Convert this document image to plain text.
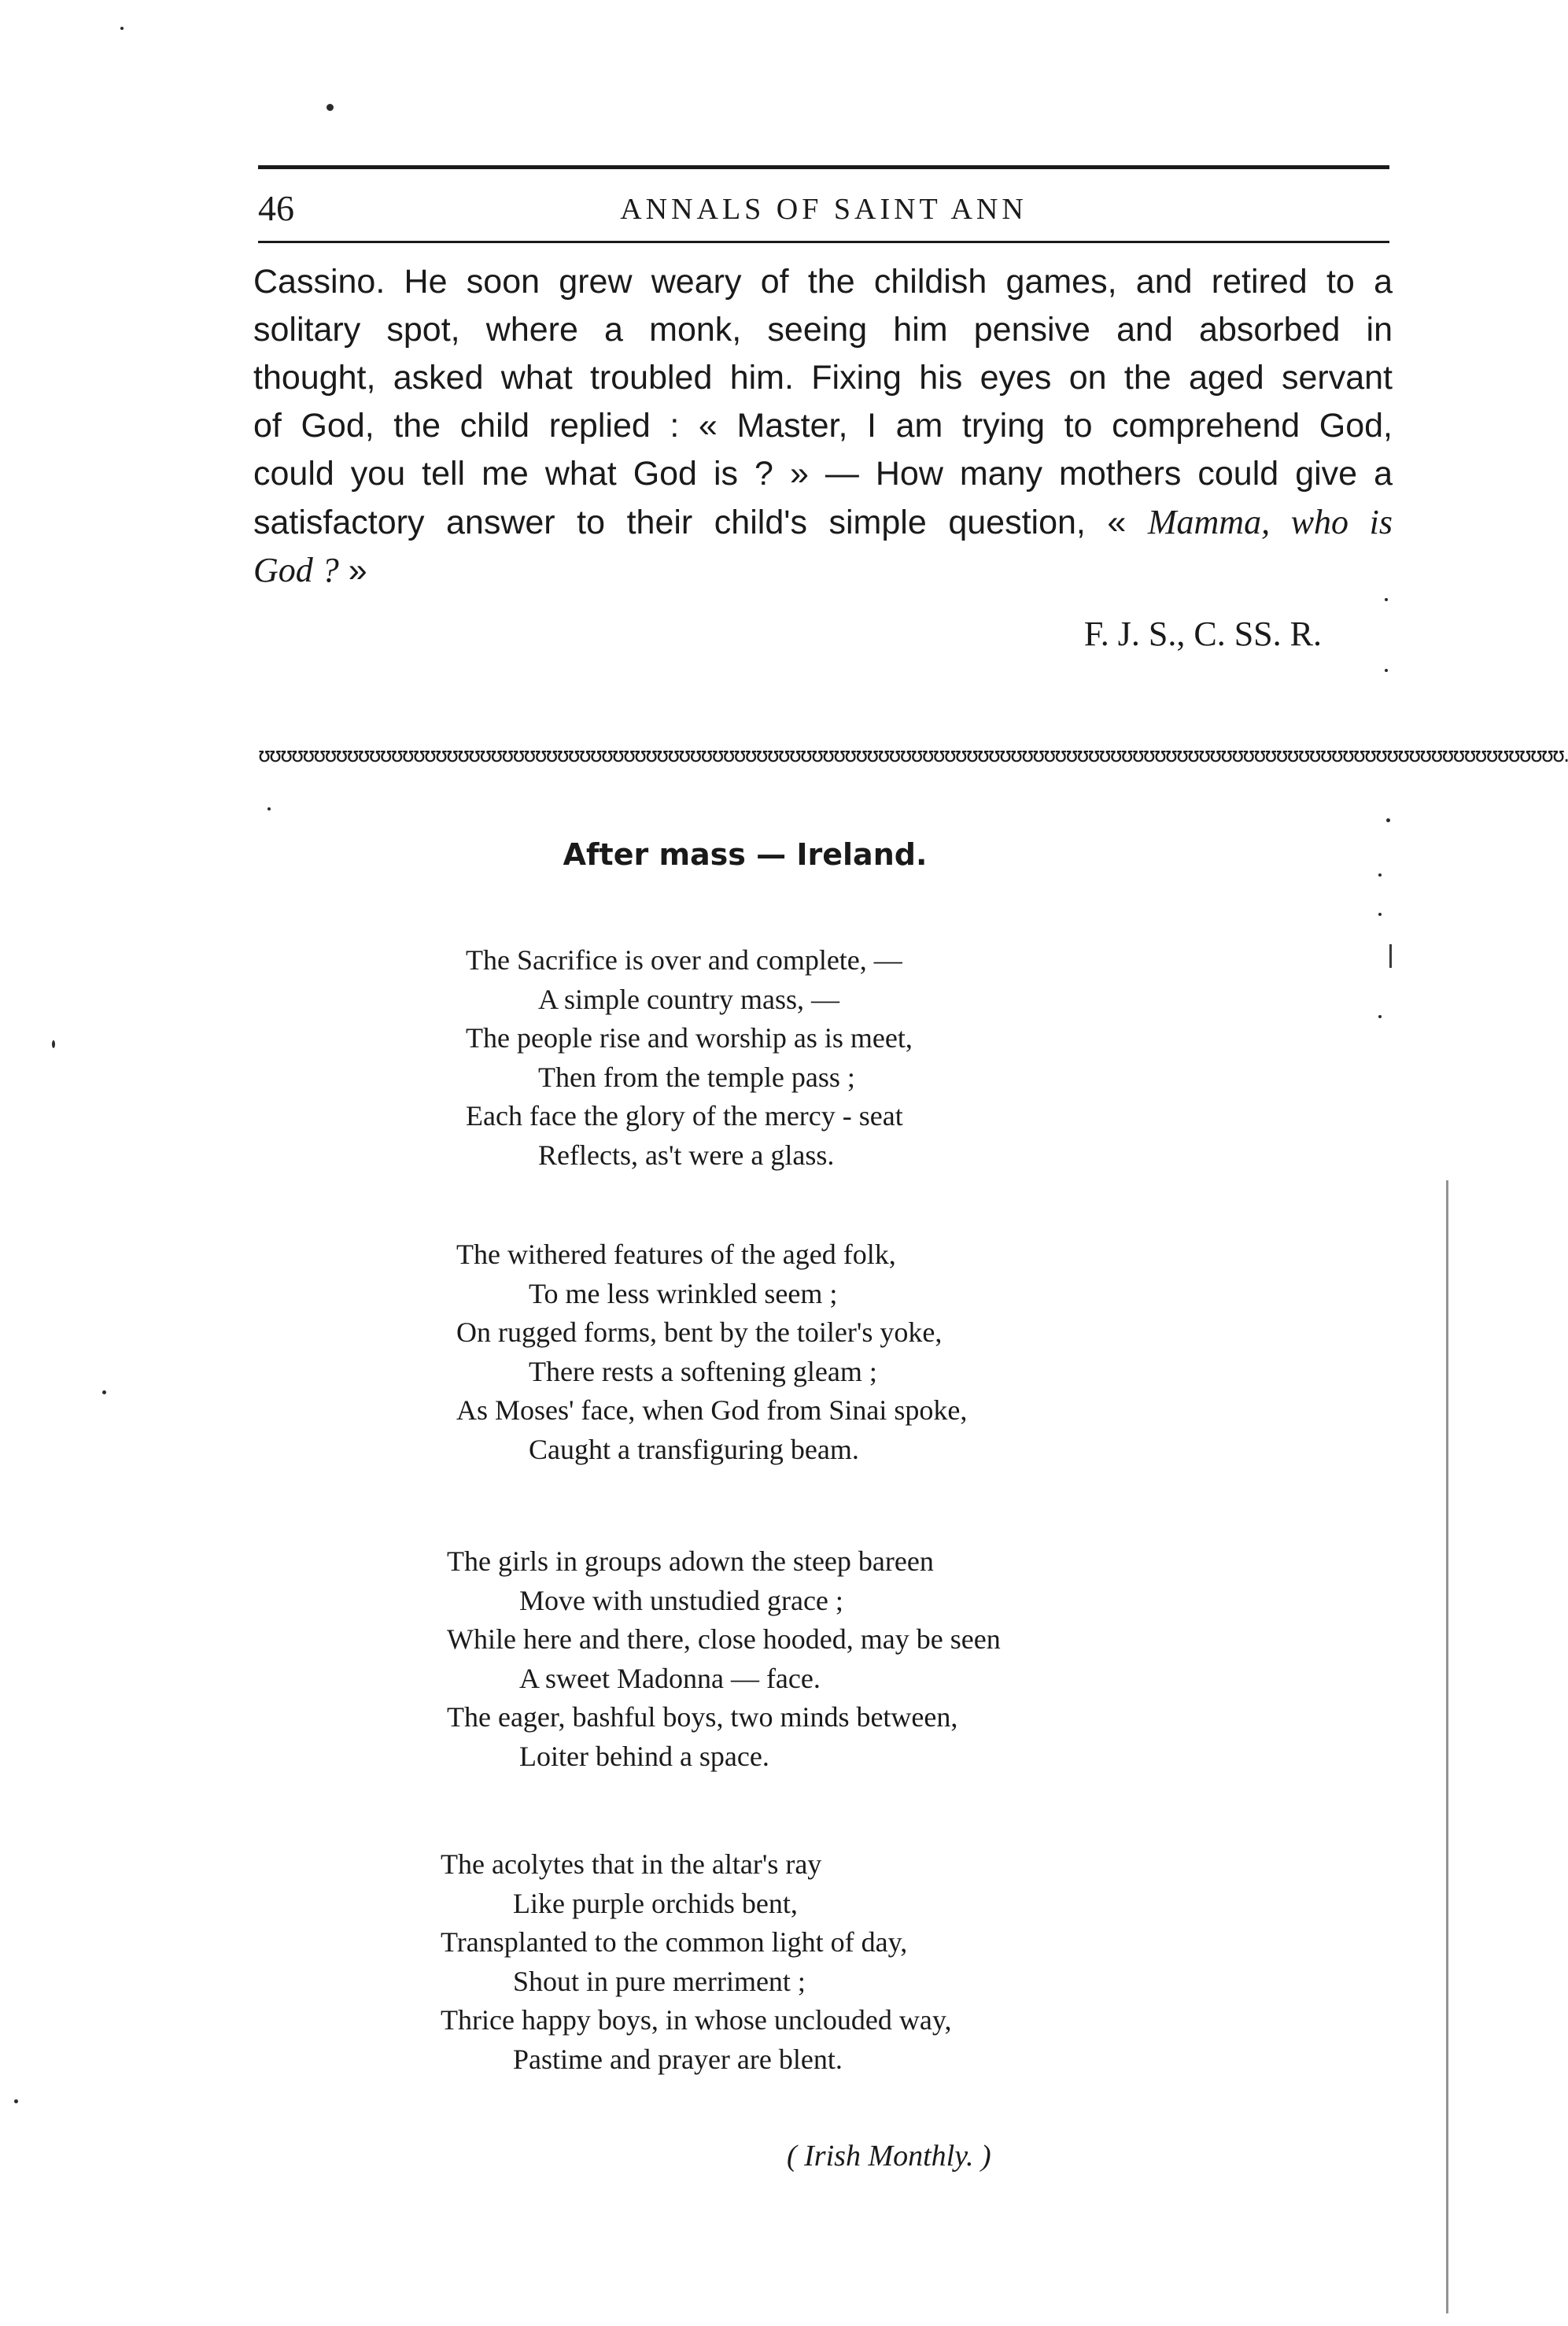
46	ANNALS OF SAINT ANN
Cassino. He soon grew weary of the childish games, and retired to a
solitary spot, where a monk, seeing him pensive and absorbed in
thought, asked what troubled him. Fixing his eyes on the aged servant
of God, the child replied : « Master, I am trying to comprehend God,
could you tell me what God is ? » — How many mothers could give a
satisfactory answer to their child's simple question, « Mamma, who is
God ? »
F. J. S., C. SS. R.
ʊʊʊʊʊʊʊʊʊʊʊʊʊʊʊʊʊʊʊʊʊʊʊʊʊʊʊʊʊʊʊʊʊʊʊʊʊʊʊʊʊʊʊʊʊʊʊʊʊʊʊʊʊʊʊʊʊʊʊʊʊʊʊʊʊʊʊʊʊʊʊʊʊʊʊʊʊʊʊʊʊʊʊʊʊʊʊʊʊʊʊʊʊʊʊʊʊʊʊʊʊʊʊʊʊʊʊʊʊʊʊʊʊʊʊʊʊʊ.
After mass — Ireland.
The Sacrifice is over and complete, —
A simple country mass, —
The people rise and worship as is meet,
Then from the temple pass ;
Each face the glory of the mercy - seat
Reflects, as't were a glass.
The withered features of the aged folk,
To me less wrinkled seem ;
On rugged forms, bent by the toiler's yoke,
There rests a softening gleam ;
As Moses' face, when God from Sinai spoke,
Caught a transfiguring beam.
The girls in groups adown the steep bareen
Move with unstudied grace ;
While here and there, close hooded, may be seen
A sweet Madonna — face.
The eager, bashful boys, two minds between,
Loiter behind a space.
The acolytes that in the altar's ray
Like purple orchids bent,
Transplanted to the common light of day,
Shout in pure merriment ;
Thrice happy boys, in whose unclouded way,
Pastime and prayer are blent.
( Irish Monthly. )
